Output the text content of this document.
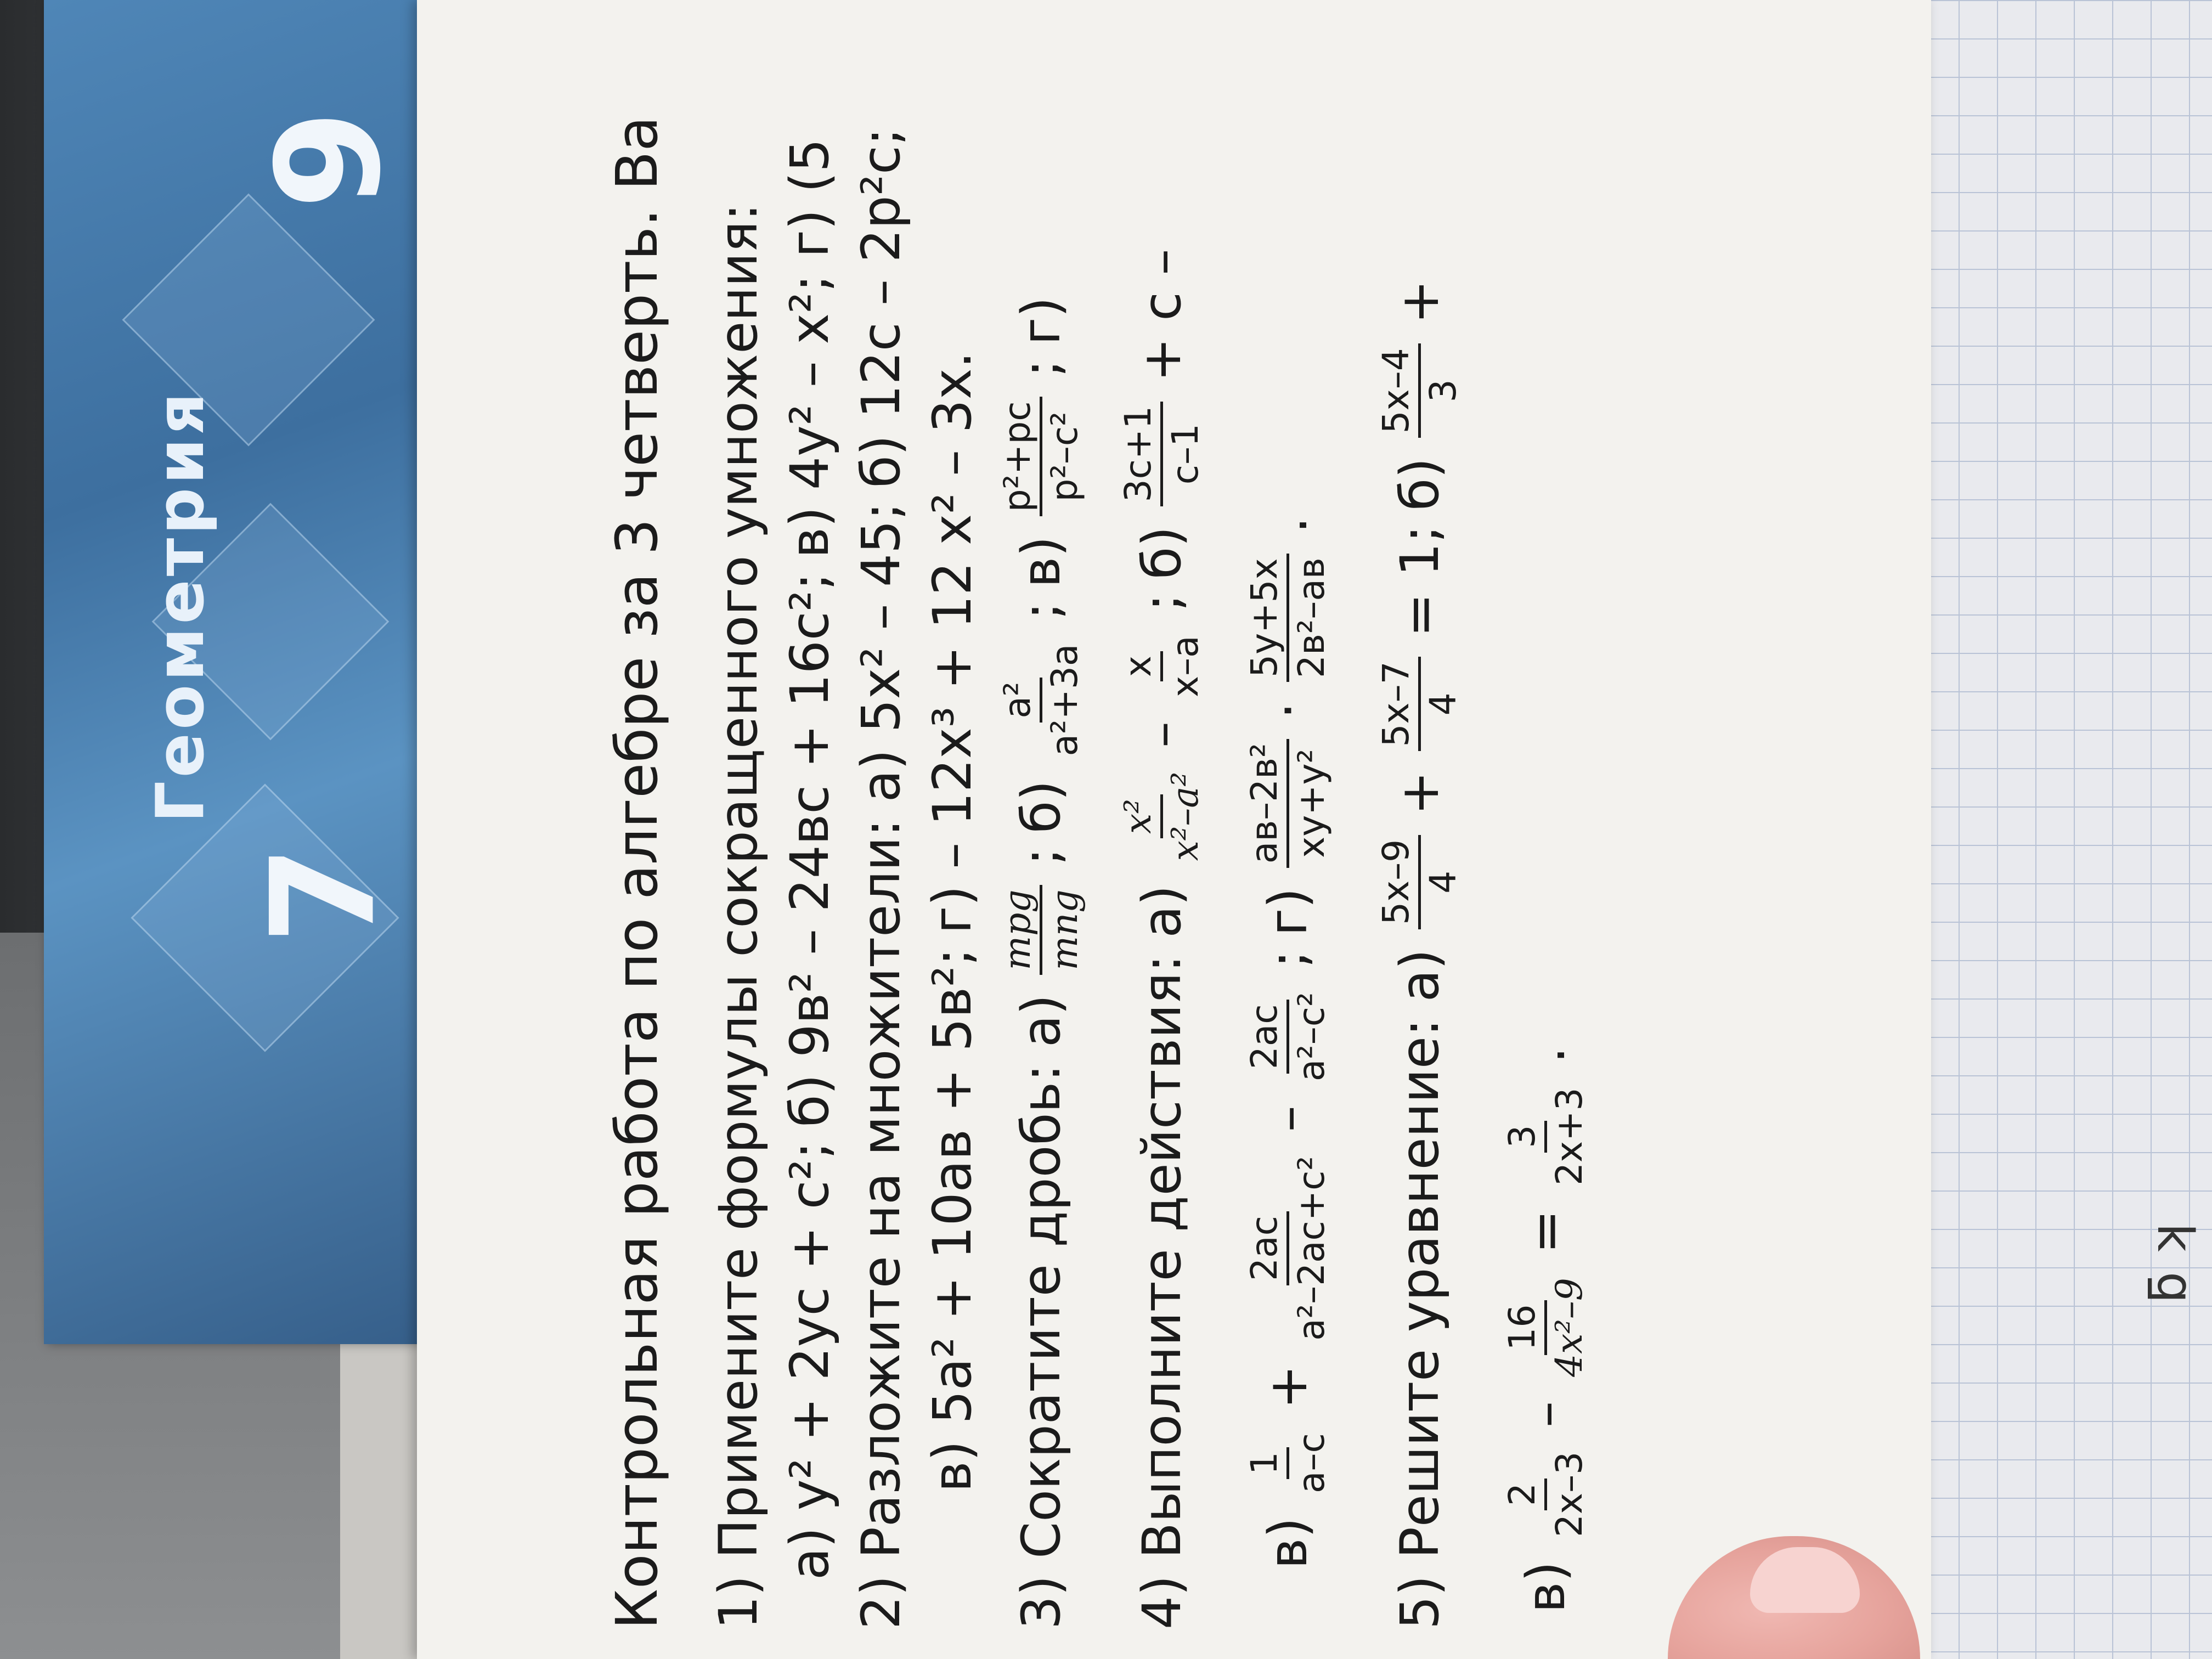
Геометрия
7
9
ƃ ʞ
Контрольная работа по алгебре за 3 четверть. Ва 1) Примените формулы сокращенного умножения: а) у² + 2ус + с²;
б) 9в² – 24вс + 16с²;
в) 4у² – х²; г) (5
2) Разложите на множители: а) 5х² – 45;
б) 12с – 2р²с;
в) 5а² + 10ав + 5в²;
г) – 12х³ + 12 х² – 3х.
3) Сократите дробь: а)
mpg mng
;
б)
а² а²+3а
;
в)
р²+рс р²–с²
;
г)
4) Выполните действия: а)
x² x²–a²
–
x x–a
;
б)
3с+1 с–1
+ с –
в)
1 а–с
+
2ас а²–2ас+с²
–
2ас а²–с²
;
г)
ав–2в² ху+у²
·
5у+5х 2в²–ав
.
5) Решите уравнение: а)
5х–9 4
+
5х–7 4
= 1;
б)
5х–4 3
+
в)
2 2х–3
–
16 4x²–9
=
3 2х+3
.
